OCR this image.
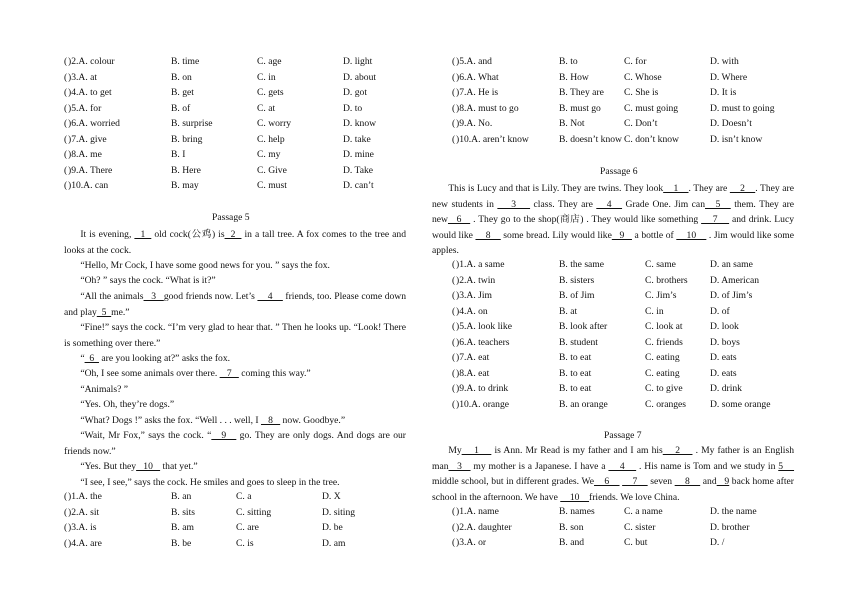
( )2.A. colour	B. time	C. age	D. light
( )3.A. at	B. on	C. in	D. about
( )4.A. to get	B. get	C. gets	D. got
( )5.A. for	B. of	C. at	D. to
( )6.A. worried	B. surprise	C. worry	D. know
( )7.A. give	B. bring	C. help	D. take
( )8.A. me	B. I	C. my	D. mine
( )9.A. There	B. Here	C. Give	D. Take
( )10.A. can	B. may	C. must	D. can’t
Passage 5
It is evening,   1   old cock(公鸡) is  2   in a tall tree. A fox comes to the tree and looks at the cock.
“Hello, Mr Cock, I have some good news for you. ” says the fox.
“Oh? ” says the cock. “What is it?”
“All the animals   3   good friends now. Let’s     4     friends, too. Please come down and play  5  me.”
“Fine!” says the cock. “I’m very glad to hear that. ” Then he looks up. “Look! There is something over there.”
“  6   are you looking at?” asks the fox.
“Oh, I see some animals over there.    7    coming this way.”
“Animals? ”
“Yes. Oh, they’re dogs.”
“What? Dogs !” asks the fox. “Well . . . well, I    8    now. Goodbye.”
“Wait, Mr Fox,” says the cock. “   9    go. They are only dogs. And dogs are our friends now.”
“Yes. But they   10    that yet.”
“I see, I see,” says the cock. He smiles and goes to sleep in the tree.
( )1.A. the	B. an	C. a	D. X
( )2.A. sit	B. sits	C. sitting	D. siting
( )3.A. is	B. am	C. are	D. be
( )4.A. are	B. be	C. is	D. am
( )5.A. and	B. to	C. for	D. with
( )6.A. What	B. How	C. Whose	D. Where
( )7.A. He is	B. They are C. She is	D. It is
( )8.A. must to go	B. must go C. must going	D. must to going
( )9.A. No.	B. Not	C. Don’t	D. Doesn’t
( )10.A. aren’t know	B. doesn’t know C. don’t know	D. isn’t know
Passage 6
This is Lucy and that is Lily. They are twins. They look    1    . They are     2    . They are new students in     3     class. They are    4    Grade One. Jim can   5    them. They are new   6    . They go to the shop(商店) . They would like something     7     and drink. Lucy would like     8     some bread. Lily would like   9    a bottle of     10     . Jim would like some apples.
( )1.A. a same	B. the same	C. same	D. an same
( )2.A. twin	B. sisters	C. brothers D. American
( )3.A. Jim	B. of Jim	C. Jim’s	D. of Jim’s
( )4.A. on	B. at	C. in	D. of
( )5.A. look like	B. look after	C. look at	D. look
( )6.A. teachers	B. student	C. friends	D. boys
( )7.A. eat	B. to eat	C. eating	D. eats
( )8.A. eat	B. to eat	C. eating	D. eats
( )9.A. to drink	B. to eat	C. to give	D. drink
( )10.A. orange	B. an orange	C. oranges D. some orange
Passage 7
My    1     is Ann. Mr Read is my father and I am his    2     . My father is an English man   3    my mother is a Japanese. I have a     4     . His name is Tom and we study in 5     middle school, but in different grades. We    6         7     seven     8     and   9 back home after school in the afternoon. We have     10    friends. We love China.
( )1.A. name	B. names	C. a name	D. the name
( )2.A. daughter	B. son	C. sister	D. brother
( )3.A. or	B. and	C. but	D. /
